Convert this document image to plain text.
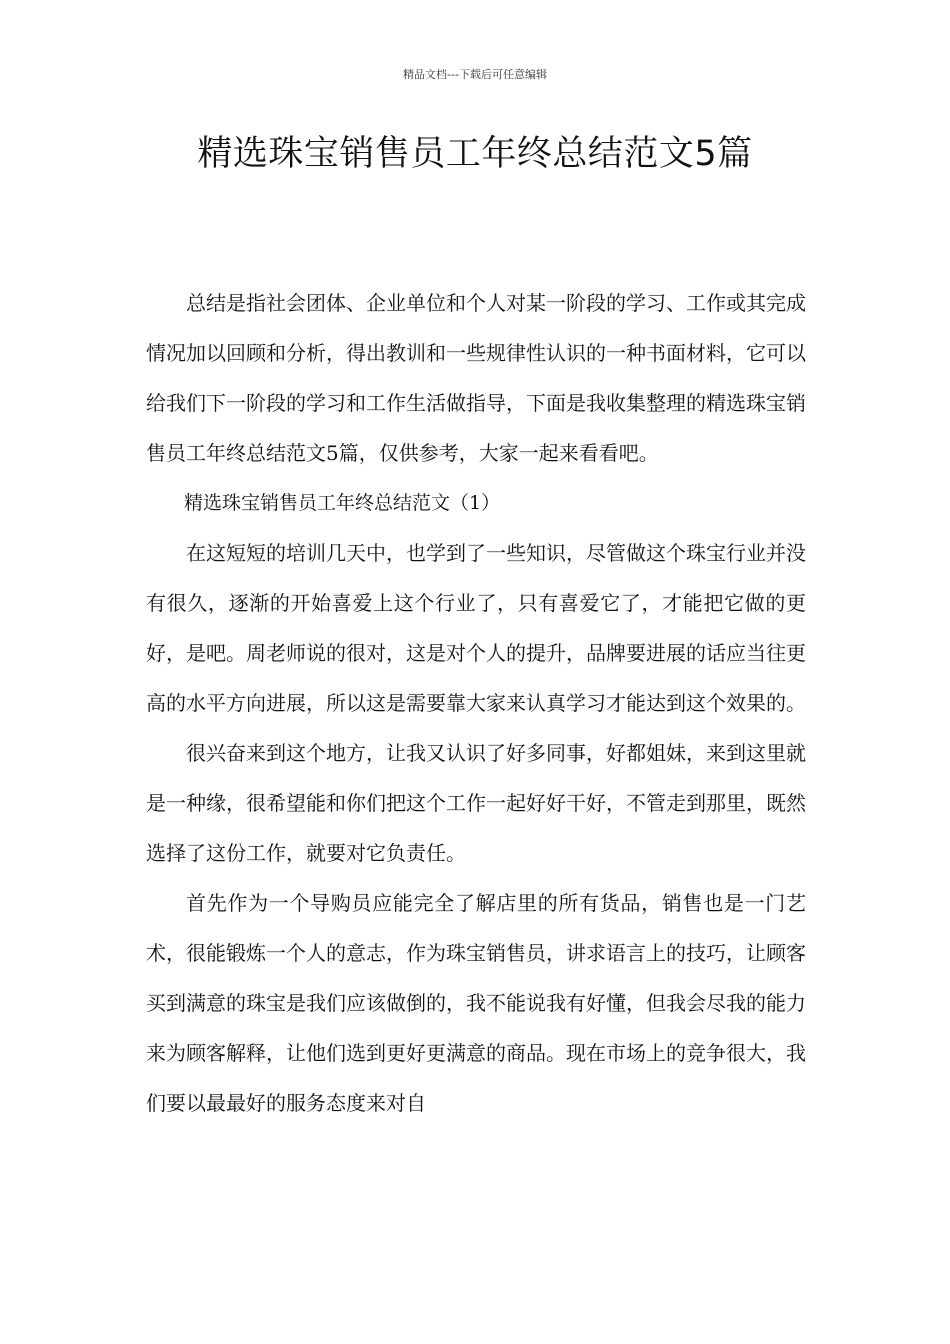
精品文档---下载后可任意编辑
精选珠宝销售员工年终总结范文5篇

总结是指社会团体、企业单位和个人对某一阶段的学习、工作或其完成情况加以回顾和分析，得出教训和一些规律性认识的一种书面材料，它可以给我们下一阶段的学习和工作生活做指导，下面是我收集整理的精选珠宝销售员工年终总结范文5篇，仅供参考，大家一起来看看吧。

精选珠宝销售员工年终总结范文（1）

在这短短的培训几天中，也学到了一些知识，尽管做这个珠宝行业并没有很久，逐渐的开始喜爱上这个行业了，只有喜爱它了，才能把它做的更好，是吧。周老师说的很对，这是对个人的提升，品牌要进展的话应当往更高的水平方向进展，所以这是需要靠大家来认真学习才能达到这个效果的。

很兴奋来到这个地方，让我又认识了好多同事，好都姐妹，来到这里就是一种缘，很希望能和你们把这个工作一起好好干好，不管走到那里，既然选择了这份工作，就要对它负责任。

首先作为一个导购员应能完全了解店里的所有货品，销售也是一门艺术，很能锻炼一个人的意志，作为珠宝销售员，讲求语言上的技巧，让顾客买到满意的珠宝是我们应该做倒的，我不能说我有好懂，但我会尽我的能力来为顾客解释，让他们选到更好更满意的商品。现在市场上的竞争很大，我们要以最最好的服务态度来对自
